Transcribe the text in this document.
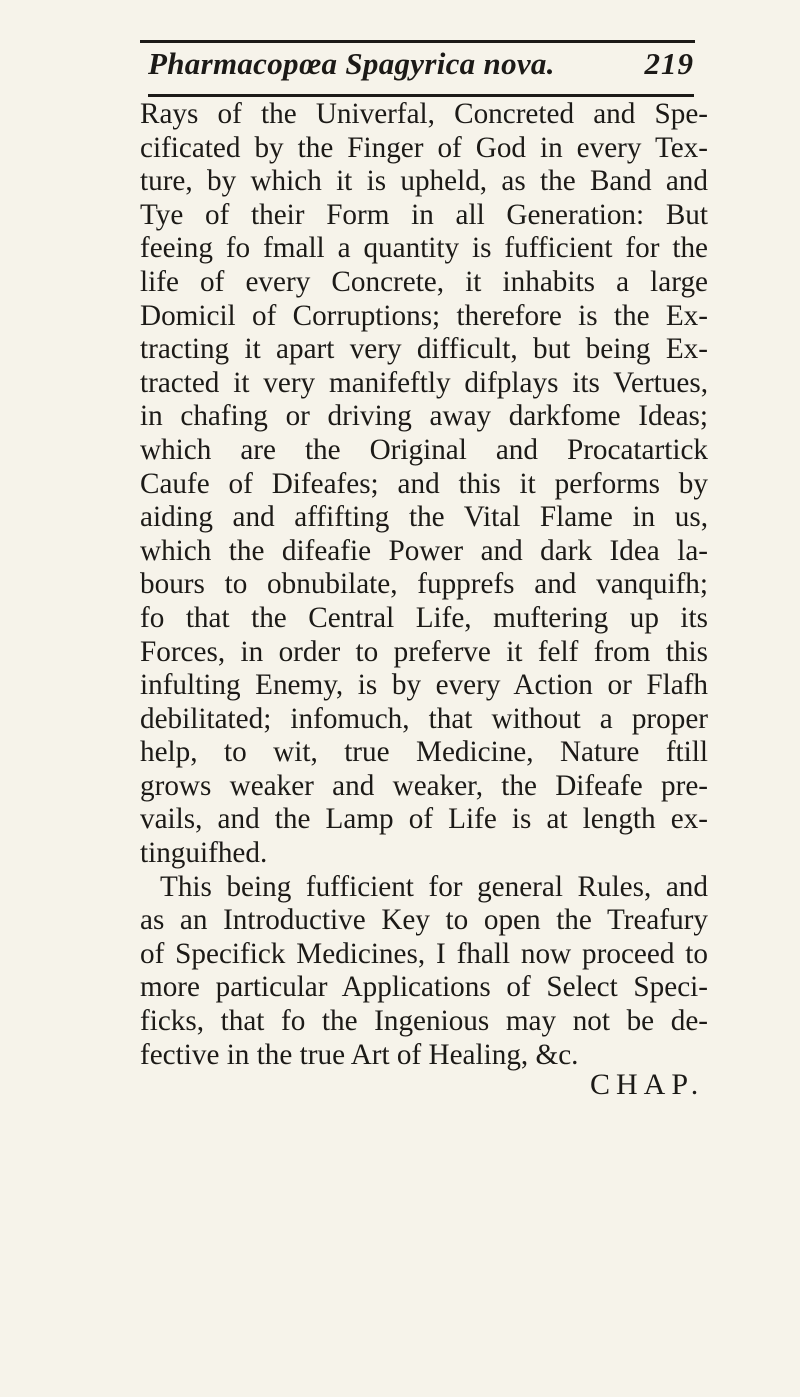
Pharmacopœa Spagyrica nova.	219
Rays of the Univerfal, Concreted and Spe-
cificated by the Finger of God in every Tex-
ture, by which it is upheld, as the Band and
Tye of their Form in all Generation: But
feeing fo fmall a quantity is fufficient for the
life of every Concrete, it inhabits a large
Domicil of Corruptions; therefore is the Ex-
tracting it apart very difficult, but being Ex-
tracted it very manifeftly difplays its Vertues,
in chafing or driving away darkfome Ideas;
which are the Original and Procatartick
Caufe of Difeafes; and this it performs by
aiding and affifting the Vital Flame in us,
which the difeafie Power and dark Idea la-
bours to obnubilate, fupprefs and vanquifh;
fo that the Central Life, muftering up its
Forces, in order to preferve it felf from this
infulting Enemy, is by every Action or Flafh
debilitated; infomuch, that without a proper
help, to wit, true Medicine, Nature ftill
grows weaker and weaker, the Difeafe pre-
vails, and the Lamp of Life is at length ex-
tinguifhed.
This being fufficient for general Rules, and
as an Introductive Key to open the Treafury
of Specifick Medicines, I fhall now proceed to
more particular Applications of Select Speci-
ficks, that fo the Ingenious may not be de-
fective in the true Art of Healing, &c.
CHAP.
